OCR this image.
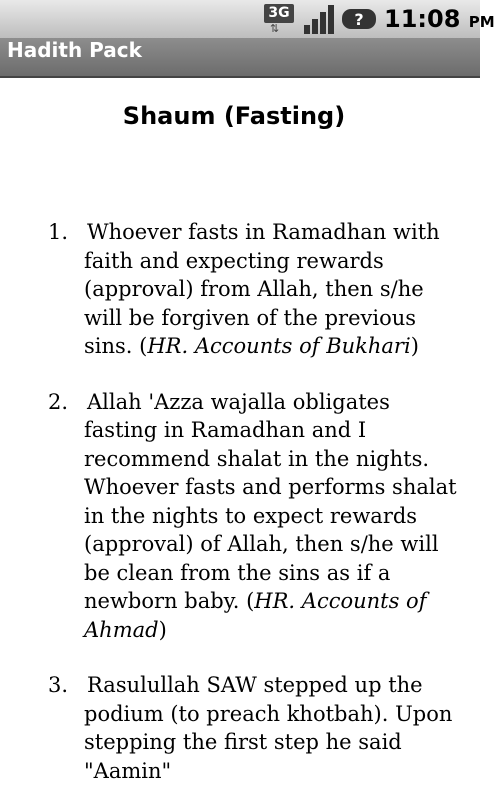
3G
⇅	? 11:08 PM
Hadith Pack
Shaum (Fasting)
1. Whoever fasts in Ramadhan with faith and expecting rewards (approval) from Allah, then s/he will be forgiven of the previous sins. (HR. Accounts of Bukhari)
2. Allah 'Azza wajalla obligates fasting in Ramadhan and I recommend shalat in the nights. Whoever fasts and performs shalat in the nights to expect rewards (approval) of Allah, then s/he will be clean from the sins as if a newborn baby. (HR. Accounts of Ahmad)
3. Rasulullah SAW stepped up the podium (to preach khotbah). Upon stepping the first step he said "Aamin"
